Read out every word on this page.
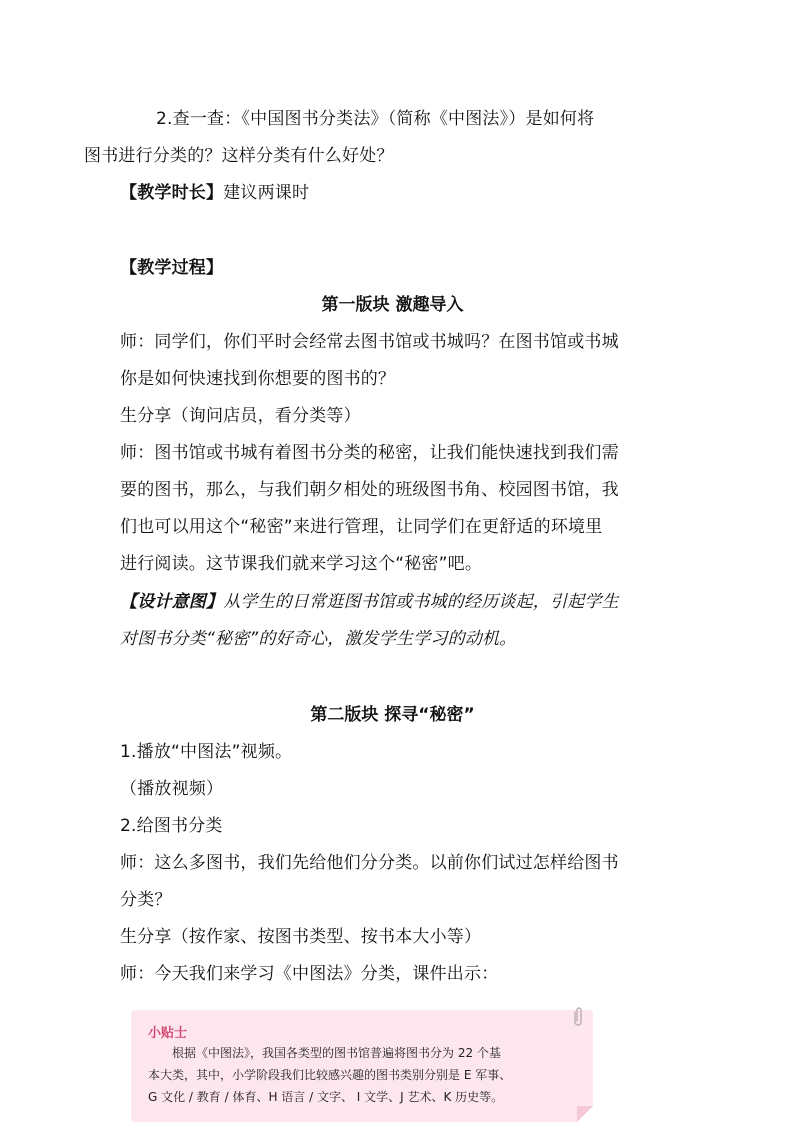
2.查一查：《中国图书分类法》（简称《中图法》）是如何将
图书进行分类的？这样分类有什么好处？

【教学时长】建议两课时

【教学过程】

第一版块 激趣导入

师：同学们，你们平时会经常去图书馆或书城吗？在图书馆或书城
你是如何快速找到你想要的图书的？
生分享（询问店员，看分类等）
师：图书馆或书城有着图书分类的秘密，让我们能快速找到我们需
要的图书，那么，与我们朝夕相处的班级图书角、校园图书馆，我
们也可以用这个“秘密”来进行管理，让同学们在更舒适的环境里
进行阅读。这节课我们就来学习这个“秘密”吧。

【设计意图】从学生的日常逛图书馆或书城的经历谈起，引起学生
对图书分类“秘密”的好奇心，激发学生学习的动机。

第二版块 探寻“秘密”

1.播放“中图法”视频。
（播放视频）
2.给图书分类
师：这么多图书，我们先给他们分分类。以前你们试过怎样给图书
分类？
生分享（按作家、按图书类型、按书本大小等）
师：今天我们来学习《中图法》分类，课件出示：

小贴士

根据《中图法》，我国各类型的图书馆普遍将图书分为 22 个基
本大类，其中，小学阶段我们比较感兴趣的图书类别分别是 E 军事、
G 文化 / 教育 / 体育、H 语言 / 文字、 I 文学、J 艺术、K 历史等。
